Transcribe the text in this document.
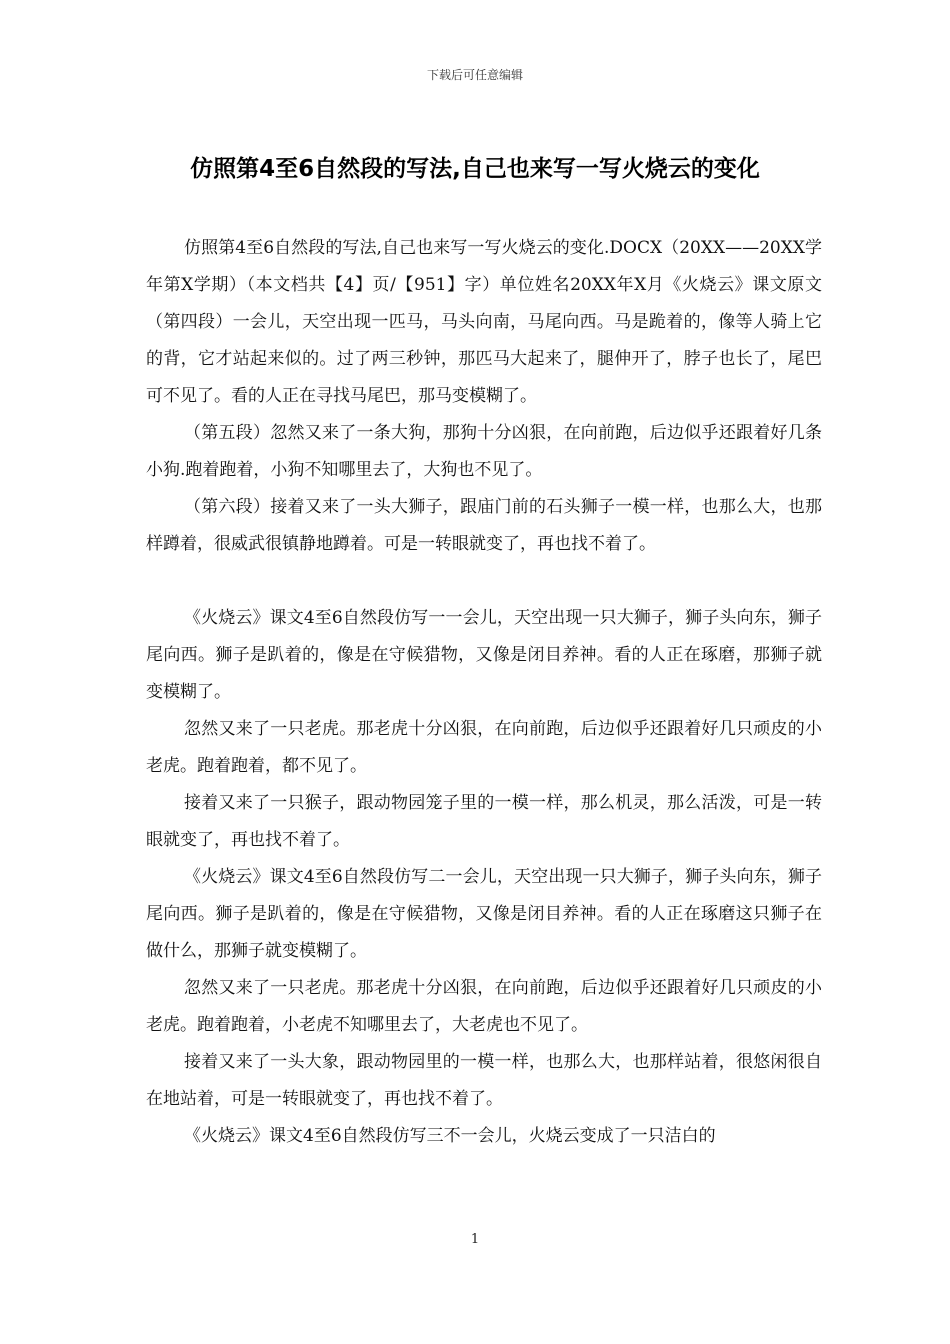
下载后可任意编辑
仿照第4至6自然段的写法,自己也来写一写火烧云的变化

仿照第4至6自然段的写法,自己也来写一写火烧云的变化.DOCX（20XX——20XX学年第X学期）（本文档共【4】页/【951】字）单位姓名20XX年X月《火烧云》课文原文（第四段）一会儿，天空出现一匹马，马头向南，马尾向西。马是跪着的，像等人骑上它的背，它才站起来似的。过了两三秒钟，那匹马大起来了，腿伸开了，脖子也长了，尾巴可不见了。看的人正在寻找马尾巴，那马变模糊了。

（第五段）忽然又来了一条大狗，那狗十分凶狠，在向前跑，后边似乎还跟着好几条小狗.跑着跑着，小狗不知哪里去了，大狗也不见了。

（第六段）接着又来了一头大狮子，跟庙门前的石头狮子一模一样，也那么大，也那样蹲着，很威武很镇静地蹲着。可是一转眼就变了，再也找不着了。

《火烧云》课文4至6自然段仿写一一会儿，天空出现一只大狮子，狮子头向东，狮子尾向西。狮子是趴着的，像是在守候猎物，又像是闭目养神。看的人正在琢磨，那狮子就变模糊了。

忽然又来了一只老虎。那老虎十分凶狠，在向前跑，后边似乎还跟着好几只顽皮的小老虎。跑着跑着，都不见了。

接着又来了一只猴子，跟动物园笼子里的一模一样，那么机灵，那么活泼，可是一转眼就变了，再也找不着了。

《火烧云》课文4至6自然段仿写二一会儿，天空出现一只大狮子，狮子头向东，狮子尾向西。狮子是趴着的，像是在守候猎物，又像是闭目养神。看的人正在琢磨这只狮子在做什么，那狮子就变模糊了。

忽然又来了一只老虎。那老虎十分凶狠，在向前跑，后边似乎还跟着好几只顽皮的小老虎。跑着跑着，小老虎不知哪里去了，大老虎也不见了。

接着又来了一头大象，跟动物园里的一模一样，也那么大，也那样站着，很悠闲很自在地站着，可是一转眼就变了，再也找不着了。

《火烧云》课文4至6自然段仿写三不一会儿，火烧云变成了一只洁白的

1
